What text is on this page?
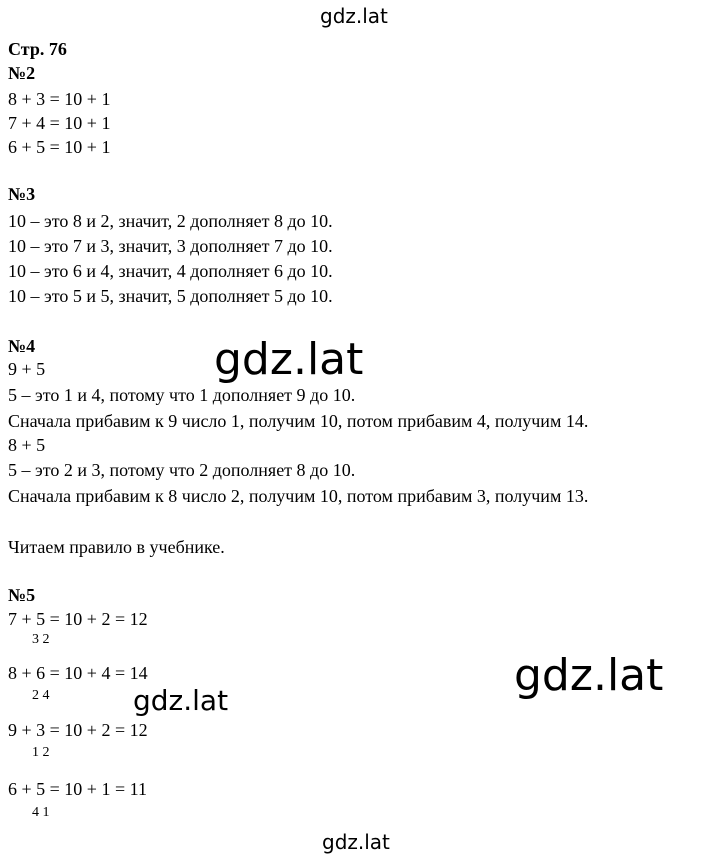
gdz.lat
gdz.lat
gdz.lat
gdz.lat
gdz.lat
Стр. 76
№2
8 + 3 = 10 + 1
7 + 4 = 10 + 1
6 + 5 = 10 + 1
№3
10 – это 8 и 2, значит, 2 дополняет 8 до 10.
10 – это 7 и 3, значит, 3 дополняет 7 до 10.
10 – это 6 и 4, значит, 4 дополняет 6 до 10.
10 – это 5 и 5, значит, 5 дополняет 5 до 10.
№4
9 + 5
5 – это 1 и 4, потому что 1 дополняет 9 до 10.
Сначала прибавим к 9 число 1, получим 10, потом прибавим 4, получим 14.
8 + 5
5 – это 2 и 3, потому что 2 дополняет 8 до 10.
Сначала прибавим к 8 число 2, получим 10, потом прибавим 3, получим 13.
Читаем правило в учебнике.
№5
7 + 5 = 10 + 2 = 12
3 2
8 + 6 = 10 + 4 = 14
2 4
9 + 3 = 10 + 2 = 12
1 2
6 + 5 = 10 + 1 = 11
4 1
